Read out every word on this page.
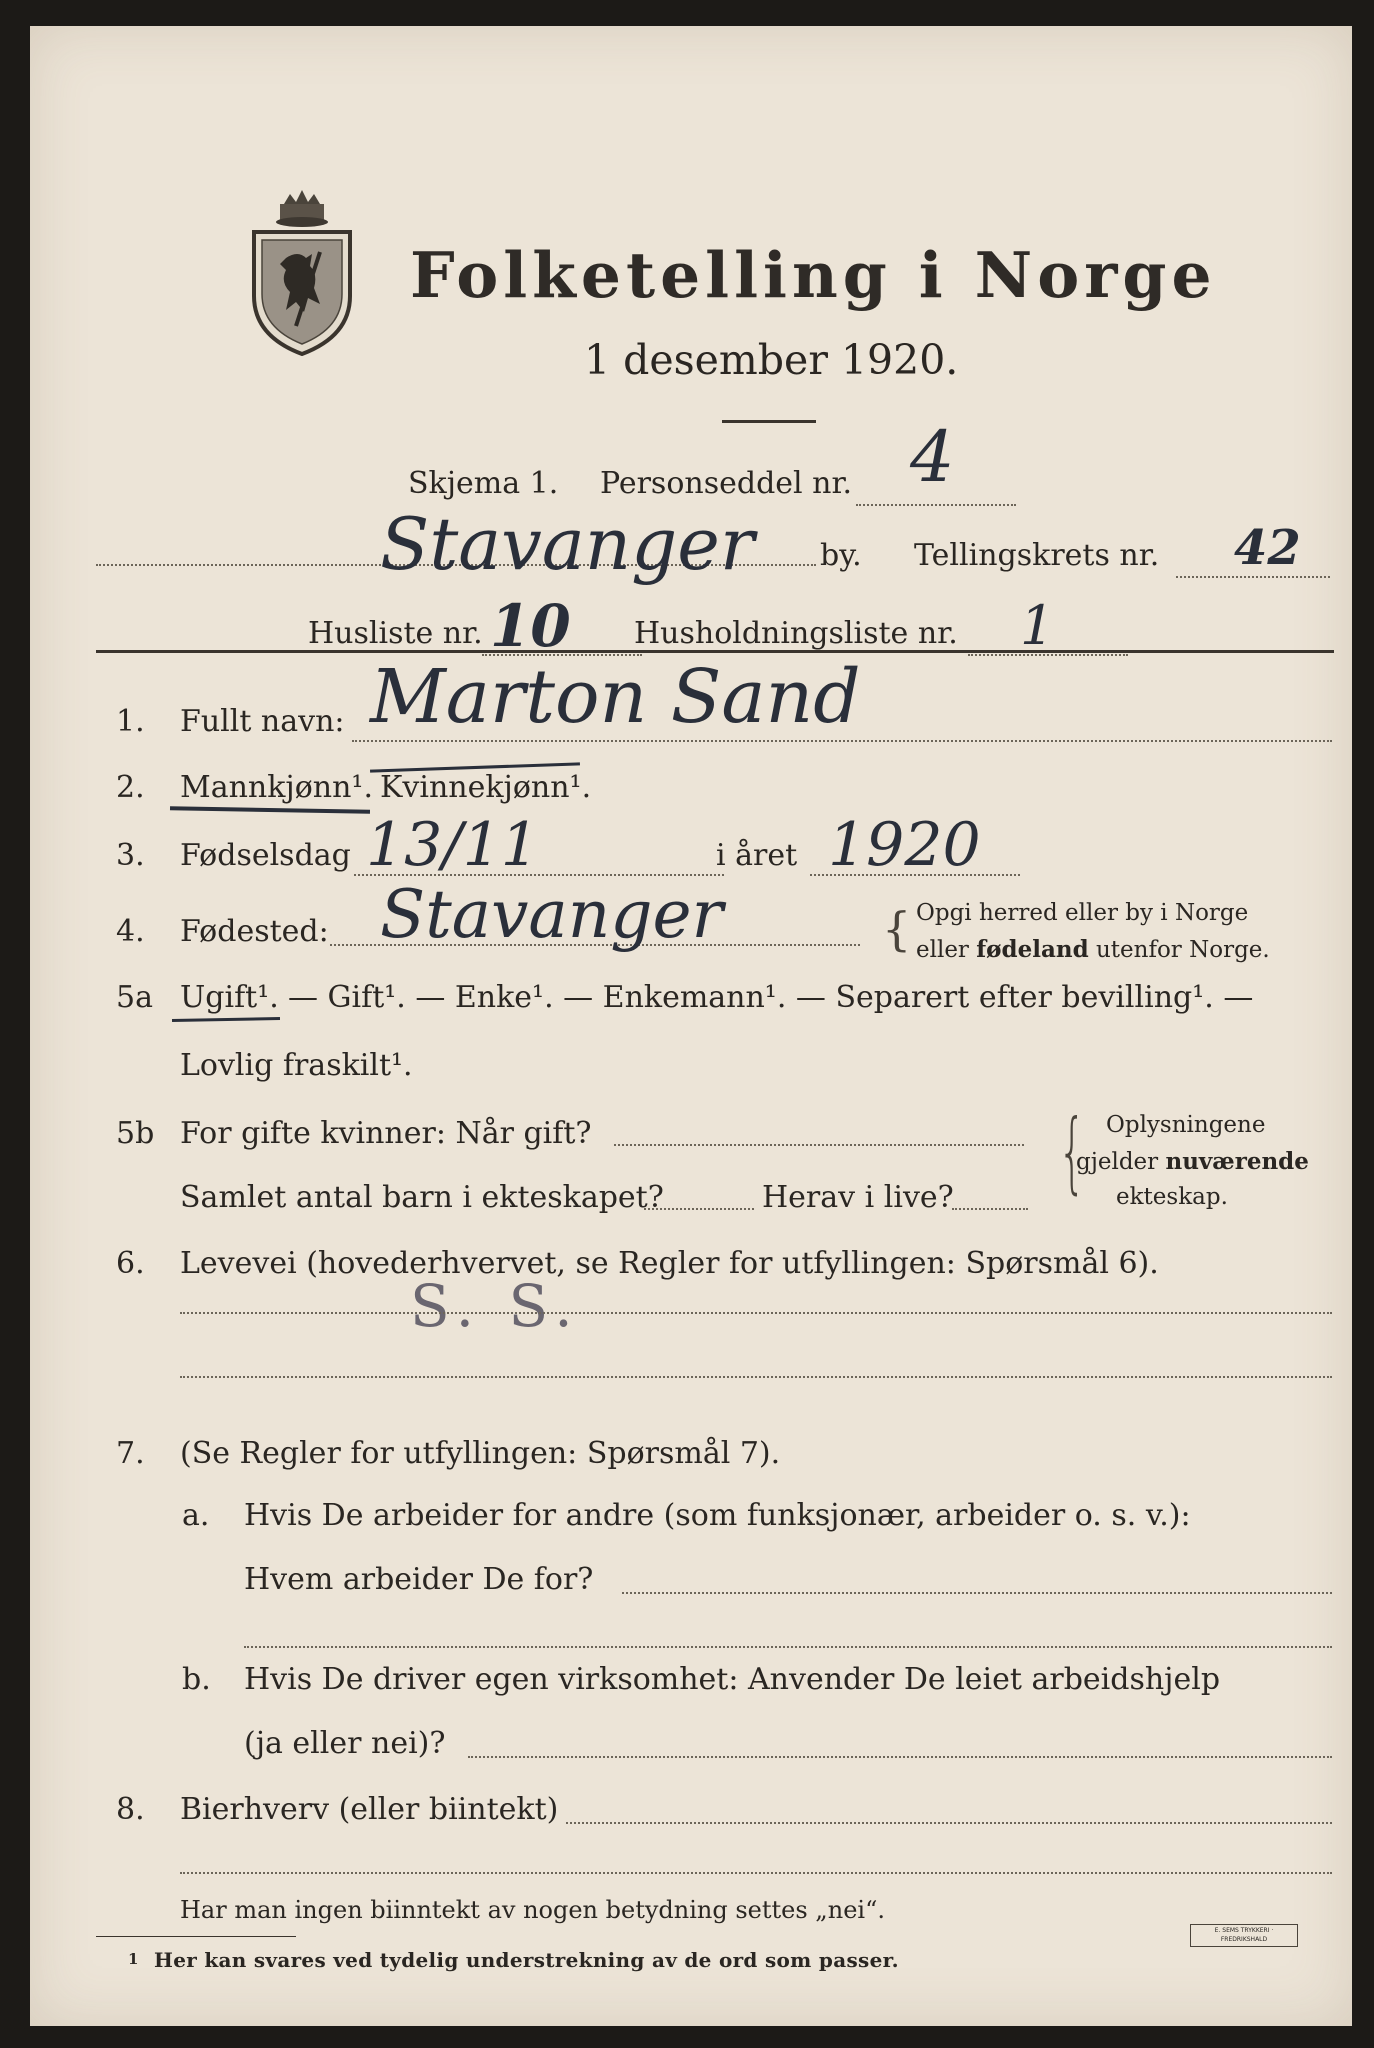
Folketelling i Norge
1 desember 1920.
Skjema 1. Personseddel nr. 4
Stavanger by. Tellingskrets nr. 42
Husliste nr. 10 Husholdningsliste nr. 1
1. Fullt navn: Marton Sand
2. Mannkjønn¹. Kvinnekjønn¹.
3. Fødselsdag 13/11	i året 1920
4. Fødested: Stavanger	{ Opgi herred eller by i Norge
eller fødeland utenfor Norge.
5a Ugift¹. — Gift¹. — Enke¹. — Enkemann¹. — Separert efter bevilling¹. —
Lovlig fraskilt¹.
5b For gifte kvinner: Når gift?
Samlet antal barn i ekteskapet?	Herav i live? { Oplysningene
gjelder nuværende
ekteskap.
6. Levevei (hovederhvervet, se Regler for utfyllingen: Spørsmål 6).
S. S.
7. (Se Regler for utfyllingen: Spørsmål 7).
a. Hvis De arbeider for andre (som funksjonær, arbeider o. s. v.):
Hvem arbeider De for?
b. Hvis De driver egen virksomhet: Anvender De leiet arbeidshjelp
(ja eller nei)?
8. Bierhverv (eller biintekt)
Har man ingen biinntekt av nogen betydning settes „nei“.
1 Her kan svares ved tydelig understrekning av de ord som passer.
E. SEMS TRYKKERI · FREDRIKSHALD
